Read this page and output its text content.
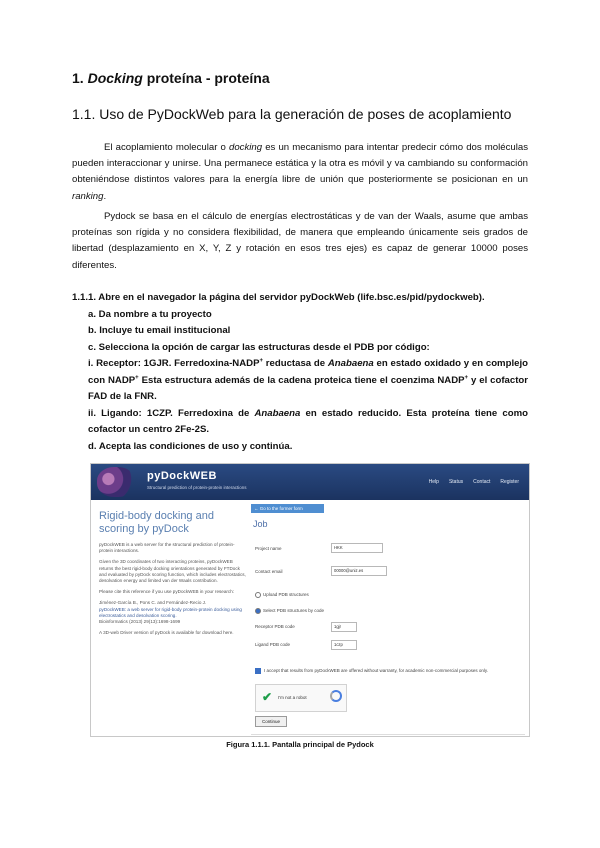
1. Docking proteína - proteína
1.1. Uso de PyDockWeb para la generación de poses de acoplamiento

El acoplamiento molecular o docking es un mecanismo para intentar predecir cómo dos moléculas pueden interaccionar y unirse. Una permanece estática y la otra es móvil y va cambiando su conformación obteniéndose distintos valores para la energía libre de unión que posteriormente se posicionan en un ranking.

Pydock se basa en el cálculo de energías electrostáticas y de van der Waals, asume que ambas proteínas son rígida y no considera flexibilidad, de manera que empleando únicamente seis grados de libertad (desplazamiento en X, Y, Z y rotación en esos tres ejes) es capaz de generar 10000 poses diferentes.

1.1.1. Abre en el navegador la página del servidor pyDockWeb (life.bsc.es/pid/pydockweb).
a. Da nombre a tu proyecto
b. Incluye tu email institucional
c. Selecciona la opción de cargar las estructuras desde el PDB por código:
i. Receptor: 1GJR. Ferredoxina-NADP+ reductasa de Anabaena en estado oxidado y en complejo con NADP+ Esta estructura además de la cadena proteica tiene el coenzima NADP+ y el cofactor FAD de la FNR.
ii. Ligando: 1CZP. Ferredoxina de Anabaena en estado reducido. Esta proteína tiene como cofactor un centro 2Fe-2S.
d. Acepta las condiciones de uso y continúa.
pyDockWEB
Structural prediction of protein-protein interactions
Help Status Contact Register
Rigid-body docking and scoring by pyDock

pyDockWEB is a web server for the structural prediction of protein-protein interactions.

Given the 3D coordinates of two interacting proteins, pyDockWEB returns the best rigid-body docking orientations generated by FTDock and evaluated by pyDock scoring function, which includes electrostatics, desolvation energy and limited van der Waals contribution.

Please cite this reference if you use pyDockWEB in your research:

Jiménez-García B., Pons C. and Fernández-Recio J.

pyDockWEB: a web server for rigid-body protein-protein docking using electrostatics and desolvation scoring.

Bioinformatics (2013) 29(13):1698-1699

A 3D-web Driver version of pyDock is available for download here.

← Go to the former form
Job
Project name	HKK
Contact email	00000@uniz.es
Upload PDB structures
Select PDB structures by code
Receptor PDB code	1gjr
Ligand PDB code	1czp
I accept that results from pyDockWEB are offered without warranty, for academic non-commercial purposes only.
✔ I'm not a robot
Continue
Figura 1.1.1. Pantalla principal de Pydock
